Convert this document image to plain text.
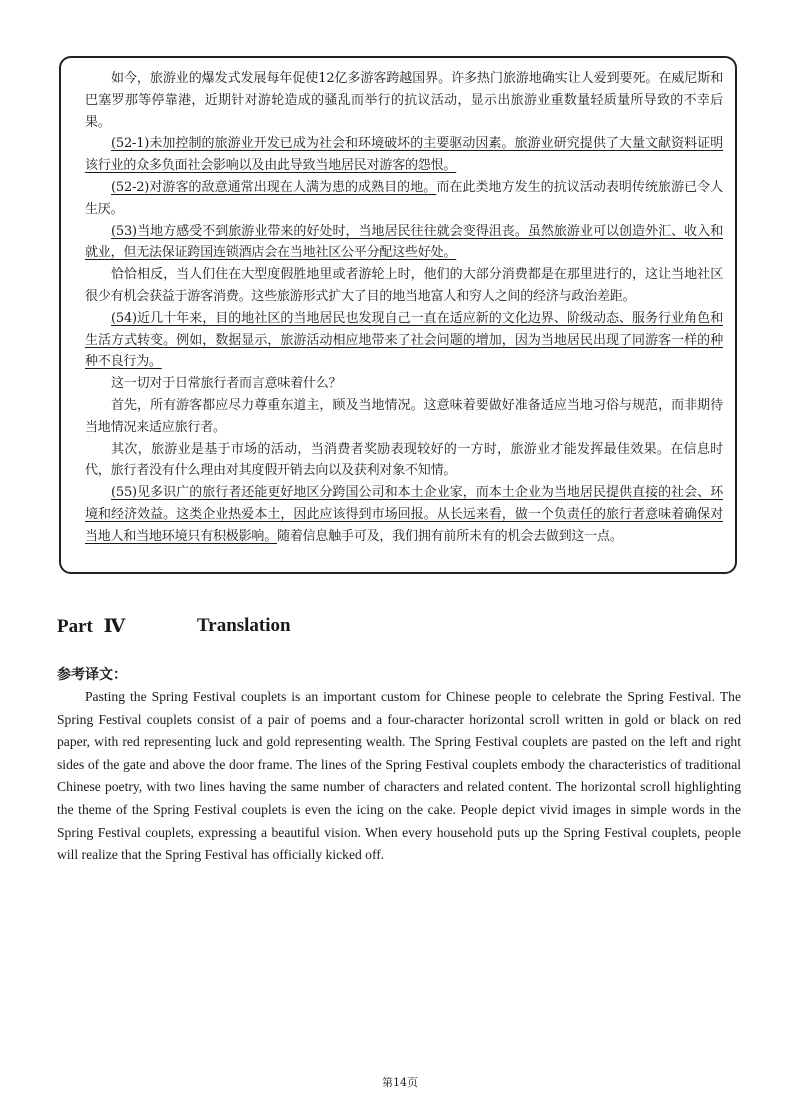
如今，旅游业的爆发式发展每年促使12亿多游客跨越国界。许多热门旅游地确实让人爱到要死。在威尼斯和巴塞罗那等停靠港，近期针对游轮造成的骚乱而举行的抗议活动，显示出旅游业重数量轻质量所导致的不幸后果。

(52-1)未加控制的旅游业开发已成为社会和环境破坏的主要驱动因素。旅游业研究提供了大量文献资料证明该行业的众多负面社会影响以及由此导致当地居民对游客的怨恨。

(52-2)对游客的敌意通常出现在人满为患的成熟目的地。而在此类地方发生的抗议活动表明传统旅游已令人生厌。

(53)当地方感受不到旅游业带来的好处时，当地居民往往就会变得沮丧。虽然旅游业可以创造外汇、收入和就业，但无法保证跨国连锁酒店会在当地社区公平分配这些好处。

恰恰相反，当人们住在大型度假胜地里或者游轮上时，他们的大部分消费都是在那里进行的，这让当地社区很少有机会获益于游客消费。这些旅游形式扩大了目的地当地富人和穷人之间的经济与政治差距。

(54)近几十年来，目的地社区的当地居民也发现自己一直在适应新的文化边界、阶级动态、服务行业角色和生活方式转变。例如，数据显示，旅游活动相应地带来了社会问题的增加，因为当地居民出现了同游客一样的种种不良行为。

这一切对于日常旅行者而言意味着什么？

首先，所有游客都应尽力尊重东道主，顾及当地情况。这意味着要做好准备适应当地习俗与规范，而非期待当地情况来适应旅行者。

其次，旅游业是基于市场的活动，当消费者奖励表现较好的一方时，旅游业才能发挥最佳效果。在信息时代，旅行者没有什么理由对其度假开销去向以及获利对象不知情。

(55)见多识广的旅行者还能更好地区分跨国公司和本土企业家，而本土企业为当地居民提供直接的社会、环境和经济效益。这类企业热爱本土，因此应该得到市场回报。从长远来看，做一个负责任的旅行者意味着确保对当地人和当地环境只有积极影响。随着信息触手可及，我们拥有前所未有的机会去做到这一点。

Part Ⅳ	Translation

参考译文：

Pasting the Spring Festival couplets is an important custom for Chinese people to celebrate the Spring Festival. The Spring Festival couplets consist of a pair of poems and a four-character horizontal scroll written in gold or black on red paper, with red representing luck and gold representing wealth. The Spring Festival couplets are pasted on the left and right sides of the gate and above the door frame. The lines of the Spring Festival couplets embody the characteristics of traditional Chinese poetry, with two lines having the same number of characters and related content. The horizontal scroll highlighting the theme of the Spring Festival couplets is even the icing on the cake. People depict vivid images in simple words in the Spring Festival couplets, expressing a beautiful vision. When every household puts up the Spring Festival couplets, people will realize that the Spring Festival has officially kicked off.

第14页
